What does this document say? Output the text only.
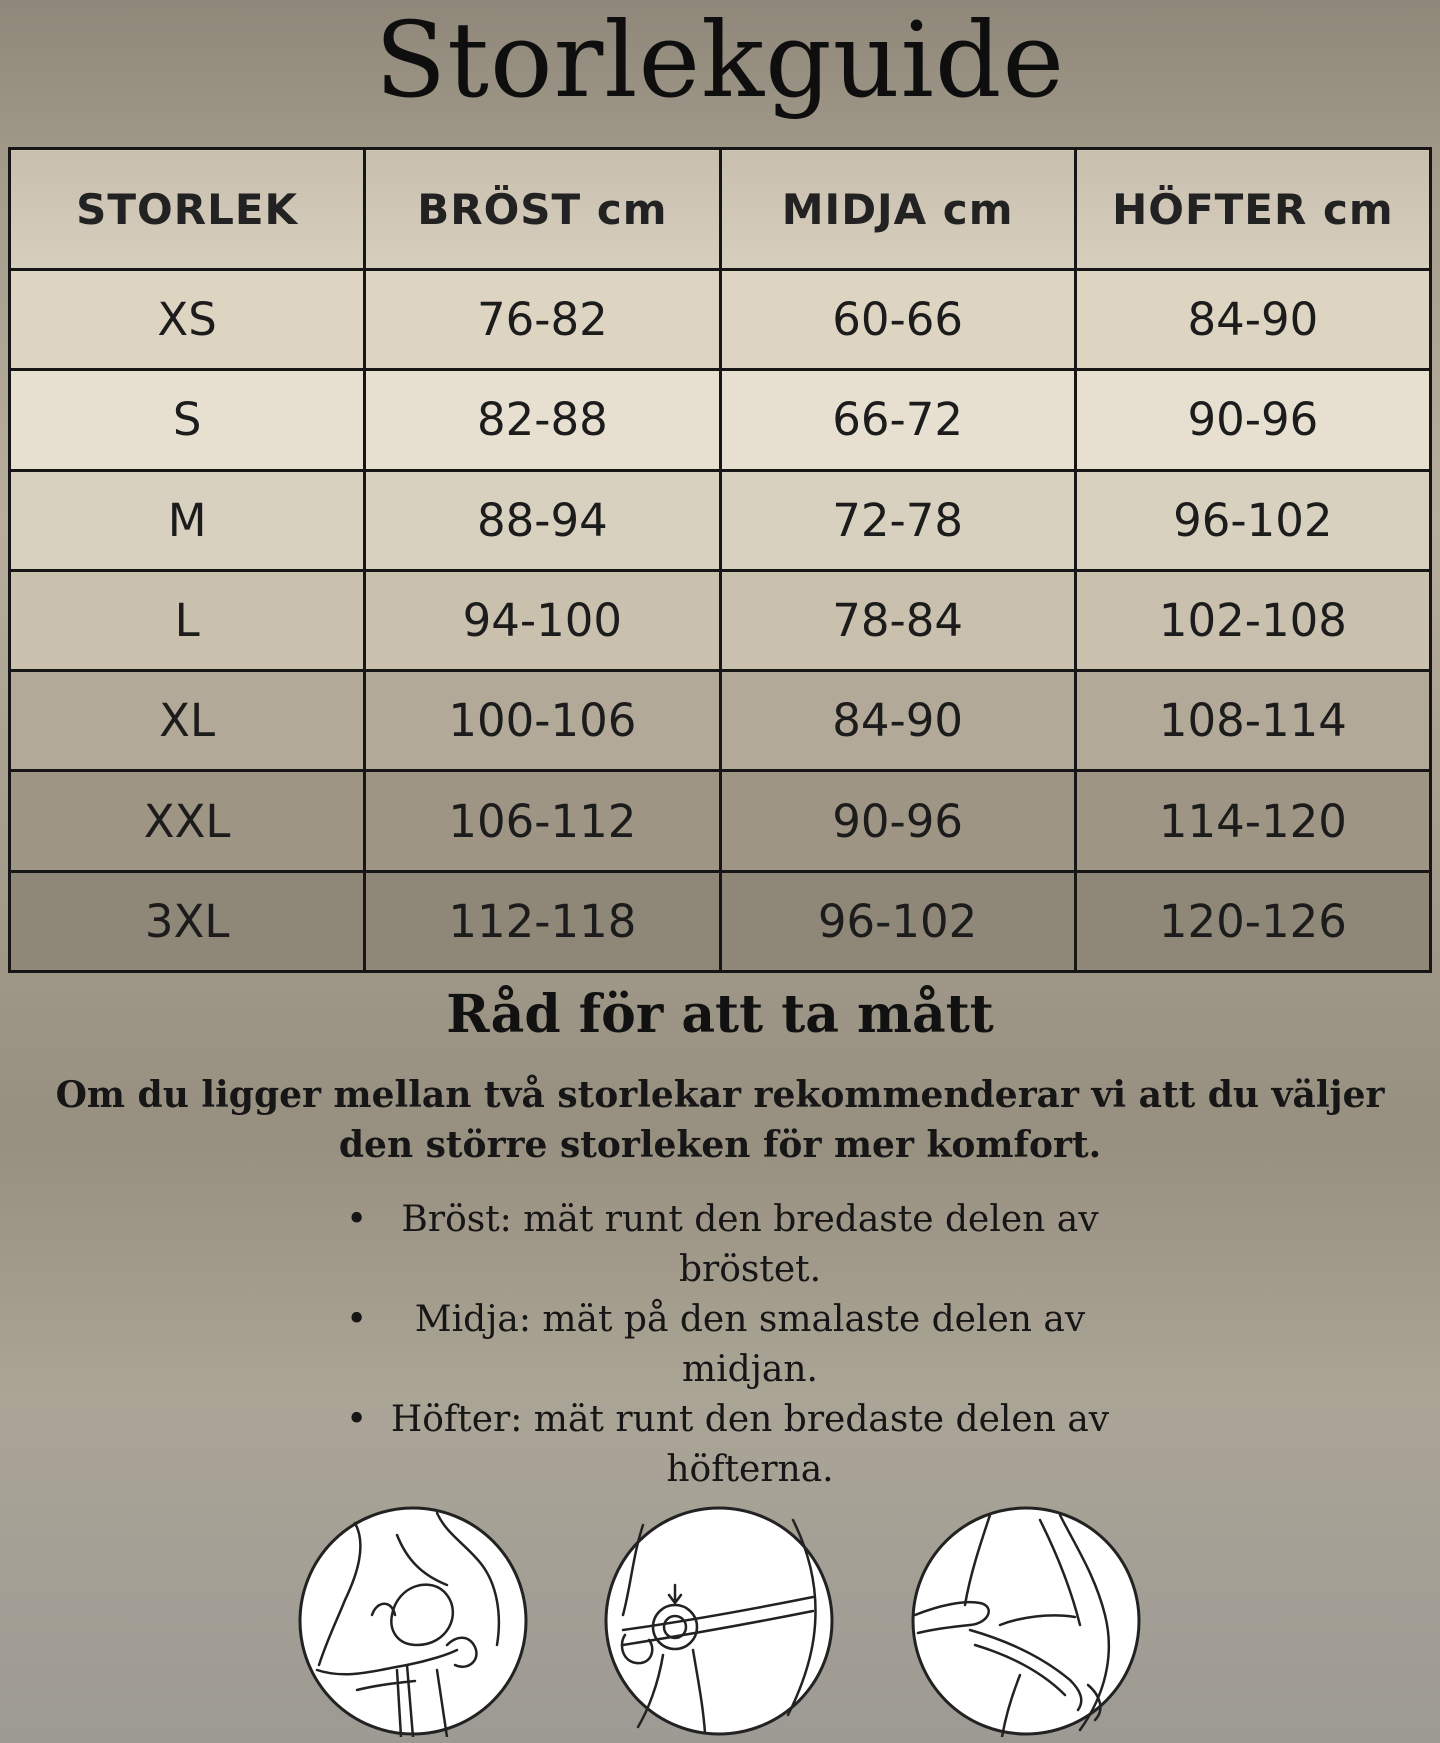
Storlekguide
STORLEK	BRÖST cm	MIDJA cm	HÖFTER cm
XS	76-82	60-66	84-90
S	82-88	66-72	90-96
M	88-94	72-78	96-102
L	94-100	78-84	102-108
XL	100-106	84-90	108-114
XXL	106-112	90-96	114-120
3XL	112-118	96-102	120-126
Råd för att ta mått
Om du ligger mellan två storlekar rekommenderar vi att du väljer den större storleken för mer komfort.
• Bröst: mät runt den bredaste delen av bröstet.
• Midja: mät på den smalaste delen av midjan.
• Höfter: mät runt den bredaste delen av höfterna.
